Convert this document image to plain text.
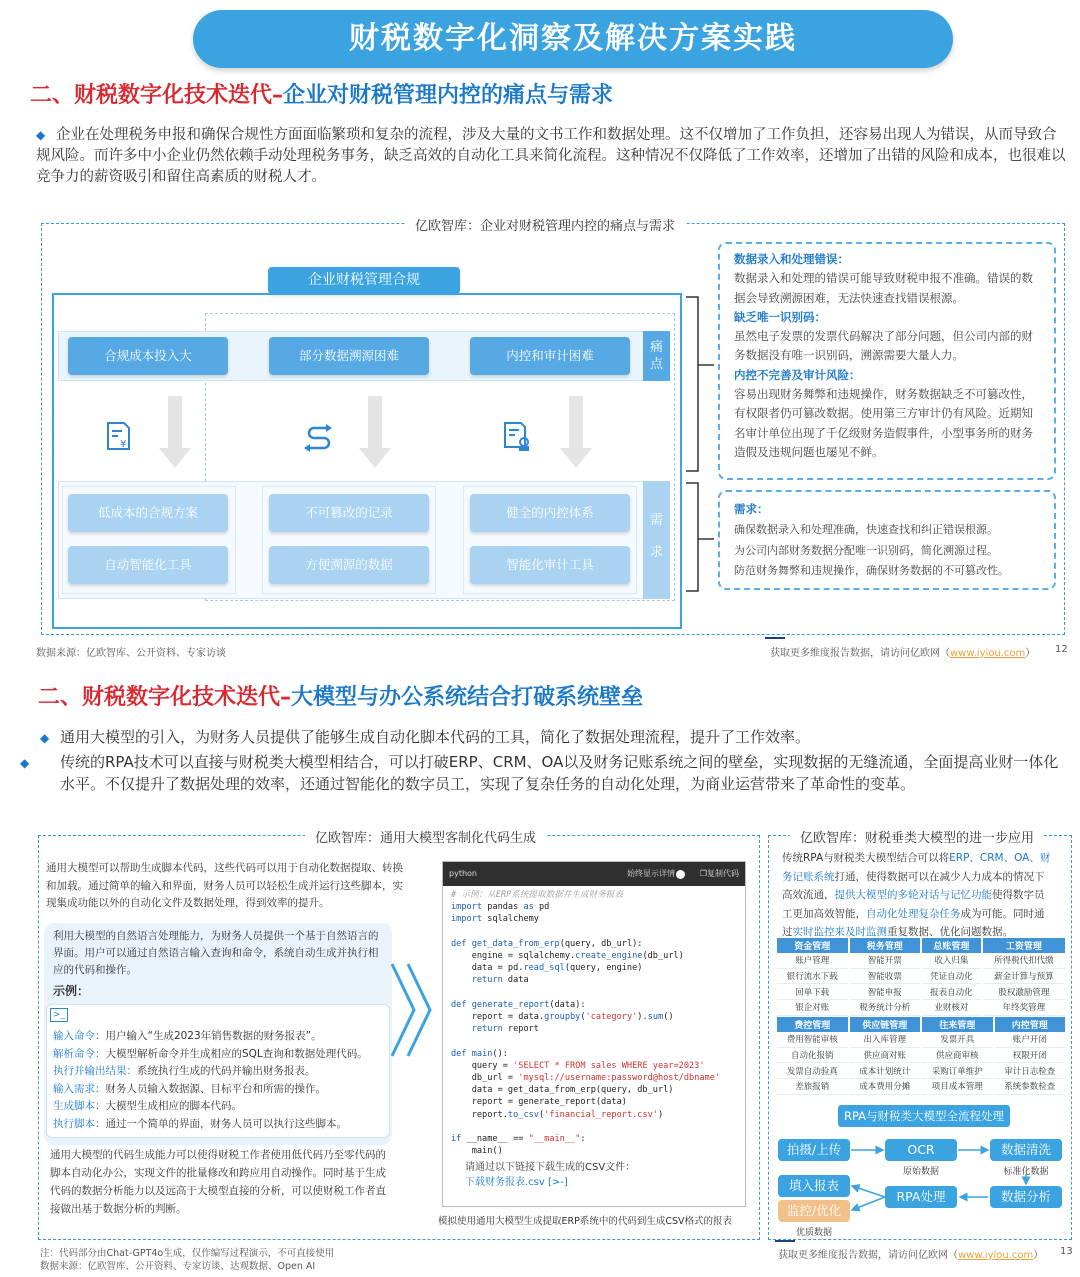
财税数字化洞察及解决方案实践
二、财税数字化技术迭代–企业对财税管理内控的痛点与需求
◆ 企业在处理税务申报和确保合规性方面面临繁琐和复杂的流程，涉及大量的文书工作和数据处理。这不仅增加了工作负担，还容易出现人为错误，从而导致合规风险。而许多中小企业仍然依赖手动处理税务事务，缺乏高效的自动化工具来简化流程。这种情况不仅降低了工作效率，还增加了出错的风险和成本，也很难以竞争力的薪资吸引和留住高素质的财税人才。
亿欧智库：企业对财税管理内控的痛点与需求
企业财税管理合规
合规成本投入大	部分数据溯源困难	内控和审计困难
痛
点
¥
低成本的合规方案	不可篡改的记录	健全的内控体系
自动智能化工具	方便溯源的数据	智能化审计工具
需
求
数据录入和处理错误：
数据录入和处理的错误可能导致财税申报不准确。错误的数据会导致溯源困难，无法快速查找错误根源。
缺乏唯一识别码：
虽然电子发票的发票代码解决了部分问题，但公司内部的财务数据没有唯一识别码，溯源需要大量人力。
内控不完善及审计风险：
容易出现财务舞弊和违规操作，财务数据缺乏不可篡改性，有权限者仍可篡改数据。使用第三方审计仍有风险。近期知名审计单位出现了千亿级财务造假事件，小型事务所的财务造假及违规问题也屡见不鲜。
需求：
确保数据录入和处理准确，快速查找和纠正错误根源。
为公司内部财务数据分配唯一识别码，简化溯源过程。
防范财务舞弊和违规操作，确保财务数据的不可篡改性。
数据来源：亿欧智库、公开资料、专家访谈	获取更多维度报告数据，请访问亿欧网（www.iyiou.com） 12
二、财税数字化技术迭代–大模型与办公系统结合打破系统壁垒
◆ 通用大模型的引入，为财务人员提供了能够生成自动化脚本代码的工具，简化了数据处理流程，提升了工作效率。
◆ 传统的RPA技术可以直接与财税类大模型相结合，可以打破ERP、CRM、OA以及财务记账系统之间的壁垒，实现数据的无缝流通，全面提高业财一体化水平。不仅提升了数据处理的效率，还通过智能化的数字员工，实现了复杂任务的自动化处理，为商业运营带来了革命性的变革。
亿欧智库：通用大模型客制化代码生成
通用大模型可以帮助生成脚本代码，这些代码可以用于自动化数据提取、转换和加载。通过简单的输入和界面，财务人员可以轻松生成并运行这些脚本，实现集成功能以外的自动化文件及数据处理，得到效率的提升。
利用大模型的自然语言处理能力，为财务人员提供一个基于自然语言的界面。用户可以通过自然语言输入查询和命令，系统自动生成并执行相应的代码和操作。
示例：
>_
输入命令：用户输入“生成2023年销售数据的财务报表”。
解析命令：大模型解析命令并生成相应的SQL查询和数据处理代码。
执行并输出结果：系统执行生成的代码并输出财务报表。
输入需求：财务人员输入数据源、目标平台和所需的操作。
生成脚本：大模型生成相应的脚本代码。
执行脚本：通过一个简单的界面，财务人员可以执行这些脚本。
通用大模型的代码生成能力可以使得财税工作者使用低代码乃至零代码的脚本自动化办公，实现文件的批量修改和跨应用自动操作。同时基于生成代码的数据分析能力以及远高于大模型直接的分析，可以使财税工作者直接做出基于数据分析的判断。
python	始终显示详情	❐复制代码
# 示例：从ERP系统提取数据并生成财务报表
import pandas as pd
import sqlalchemy

def get_data_from_erp(query, db_url):
engine = sqlalchemy.create_engine(db_url)
data = pd.read_sql(query, engine)
return data

def generate_report(data):
report = data.groupby('category').sum()
return report

def main():
query = 'SELECT * FROM sales WHERE year=2023'
db_url = 'mysql://username:password@host/dbname'
data = get_data_from_erp(query, db_url)
report = generate_report(data)
report.to_csv('financial_report.csv')

if __name__ == "__main__":
main()
请通过以下链接下载生成的CSV文件：
下载财务报表.csv [>-]
模拟使用通用大模型生成提取ERP系统中的代码到生成CSV格式的报表
亿欧智库：财税垂类大模型的进一步应用
传统RPA与财税类大模型结合可以将ERP、CRM、OA、财务记账系统打通，使得数据可以在减少人力成本的情况下高效流通，提供大模型的多轮对话与记忆功能使得数字员工更加高效智能，自动化处理复杂任务成为可能。同时通过实时监控来及时监测重复数据、优化问题数据。
资金管理	税务管理	总账管理	工资管理
账户管理	智能开票	收入归集	所得税代扣代缴
银行流水下载	智能收票	凭证自动化	薪金计算与预算
回单下载	智能申报	报表自动化	股权激励管理
银企对账	税务统计分析	业财核对	年终奖管理
费控管理	供应链管理	往来管理	内控管理
费用智能审核	出入库管理	发票开具	账户开闭
自动化报销	供应商对账	供应商审核	权限开闭
发票自动验真	成本计划统计	采购订单维护	审计日志检查
差旅报销	成本费用分摊	项目成本管理	系统参数检查
RPA与财税类大模型全流程处理
拍摄/上传	OCR	数据清洗
原始数据	标准化数据
填入报表
RPA处理	数据分析
监控/优化
优质数据
注：代码部分由Chat-GPT4o生成，仅作编写过程演示，不可直接使用
数据来源：亿欧智库、公开资料、专家访谈、达观数据、Open AI
获取更多维度报告数据，请访问亿欧网（www.iyiou.com） 13
